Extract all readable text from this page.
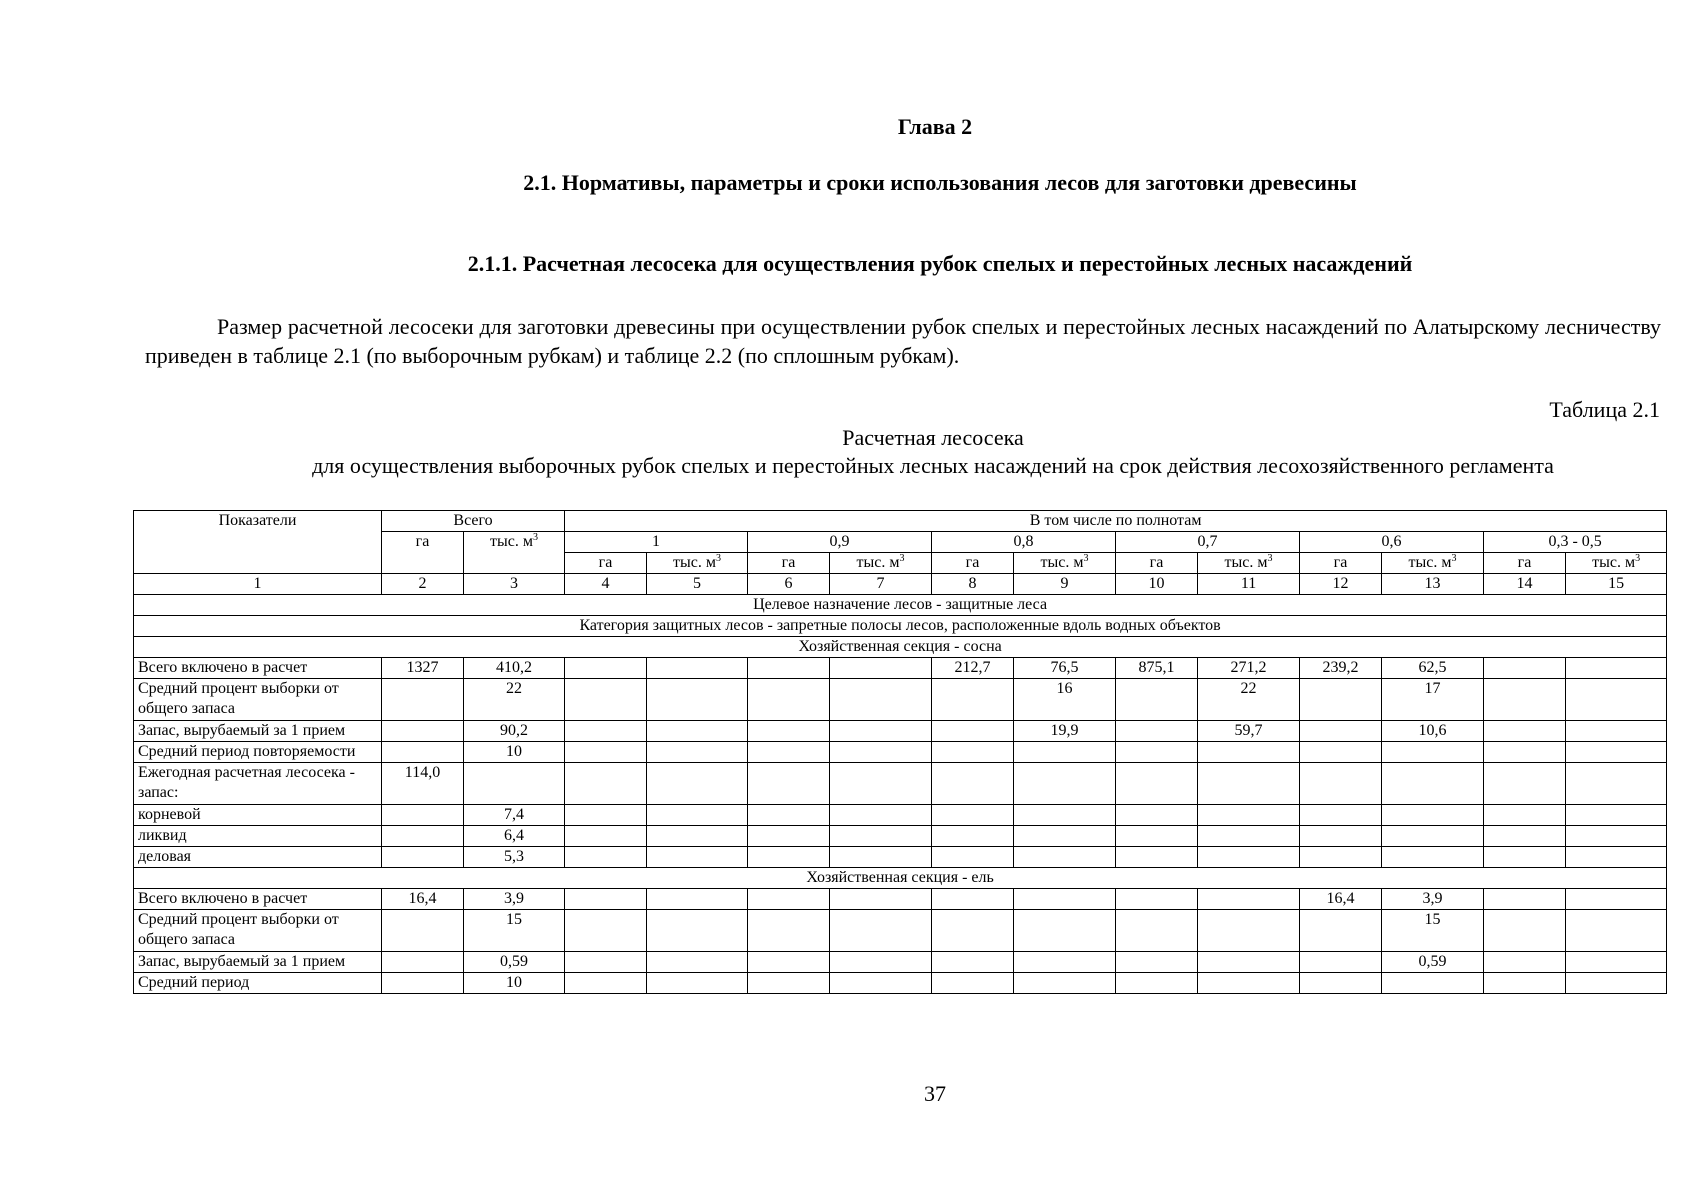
Глава 2
2.1. Нормативы, параметры и сроки использования лесов для заготовки древесины
2.1.1. Расчетная лесосека для осуществления рубок спелых и перестойных лесных насаждений
Размер расчетной лесосеки для заготовки древесины при осуществлении рубок спелых и перестойных лесных насаждений по Алатырскому лесничеству приведен в таблице 2.1 (по выборочным рубкам) и таблице 2.2 (по сплошным рубкам).
Таблица 2.1
Расчетная лесосека
для осуществления выборочных рубок спелых и перестойных лесных насаждений на срок действия лесохозяйственного регламента
Показатели	Всего		В том числе по полнотам											
	га	тыс. $м^3$	1		0,9		0,8		0,7		0,6		0,3 - 0,5	
			га	тыс. $м^3$	га	тыс. $м^3$	га	тыс. $м^3$	га	тыс. $м^3$	га	тыс. $м^3$	га	тыс. $м^3$
1	2	3	4	5	6	7	8	9	10	11	12	13	14	15
Целевое назначение лесов - защитные леса														
Категория защитных лесов - запретные полосы лесов, расположенные вдоль водных объектов														
Хозяйственная секция - сосна														
Всего включено в расчет	1327	410,2					212,7	76,5	875,1	271,2	239,2	62,5		
Средний процент выборки от общего запаса		22						16		22		17		
Запас, вырубаемый за 1 прием		90,2						19,9		59,7		10,6		
Средний период повторяемости		10												
Ежегодная расчетная лесосека - запас:	114,0													
корневой		7,4												
ликвид		6,4												
деловая		5,3												
Хозяйственная секция - ель														
Всего включено в расчет	16,4	3,9									16,4	3,9		
Средний процент выборки от общего запаса		15										15		
Запас, вырубаемый за 1 прием		0,59										0,59		
Средний период		10												
37
